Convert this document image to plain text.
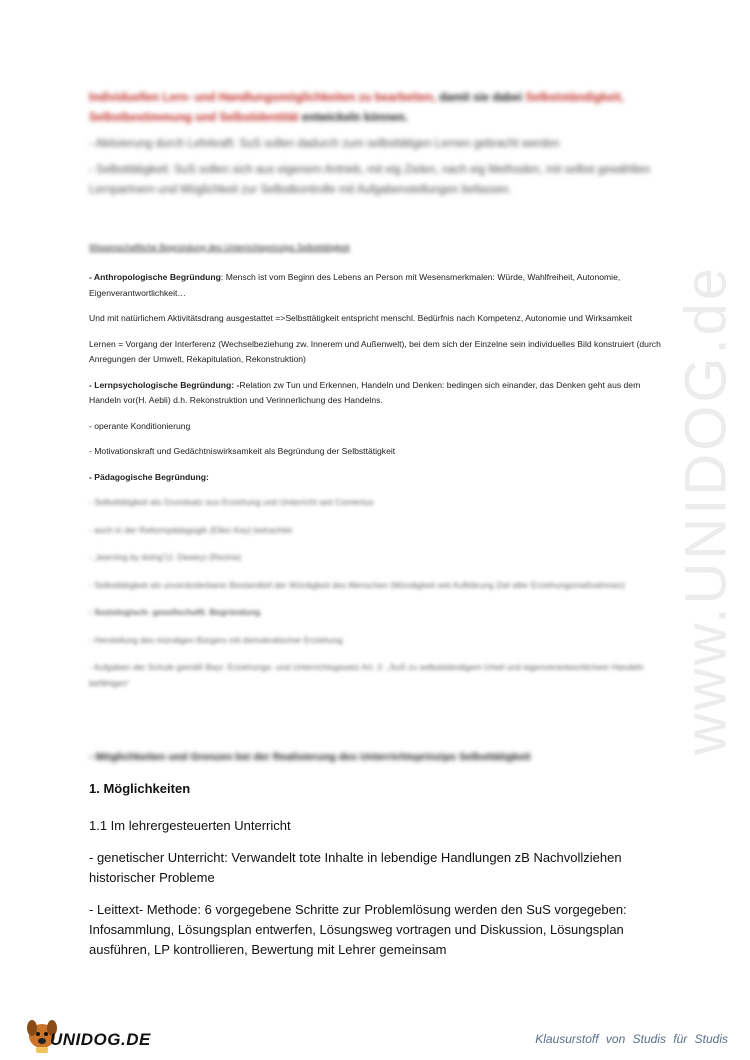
www.UNIDOG.de

Individuellen Lern- und Handlungsmöglichkeiten zu bearbeiten, damit sie dabei Selbstständigkeit, Selbstbestimmung und Selbstidentität entwickeln können.

- Aktivierung durch Lehrkraft: SuS sollen dadurch zum selbsttätigen Lernen gebracht werden

- Selbsttätigkeit: SuS sollen sich aus eigenem Antrieb, mit eig Zielen, nach eig Methoden, mit selbst gewählten Lernpartnern und Möglichkeit zur Selbstkontrolle mit Aufgabenstellungen befassen.

Wissenschaftliche Begründung des Unterrichtsprinzips Selbsttätigkeit

- Anthropologische Begründung: Mensch ist vom Beginn des Lebens an Person mit Wesensmerkmalen: Würde, Wahlfreiheit, Autonomie, Eigenverantwortlichkeit…

Und mit natürlichem Aktivitätsdrang ausgestattet =>Selbsttätigkeit entspricht menschl. Bedürfnis nach Kompetenz, Autonomie und Wirksamkeit

Lernen = Vorgang der Interferenz (Wechselbeziehung zw. Innerem und Außenwelt), bei dem sich der Einzelne sein individuelles Bild konstruiert (durch Anregungen der Umwelt, Rekapitulation, Rekonstruktion)

- Lernpsychologische Begründung: -Relation zw Tun und Erkennen, Handeln und Denken: bedingen sich einander, das Denken geht aus dem Handeln vor(H. Aebli) d.h. Rekonstruktion und Verinnerlichung des Handelns.

- operante Konditionierung

- Motivationskraft und Gedächtniswirksamkeit als Begründung der Selbsttätigkeit

- Pädagogische Begründung:

- Selbsttätigkeit als Grundsatz aus Erziehung und Unterricht seit Comenius

- auch in der Reformpädagogik (Ellen Key) betrachtet

- „learning by doing“(J. Dewey) (Rezine)

- Selbsttätigkeit als unveränderbarer Bestandteil der Würdigkeit des Menschen (Mündigkeit seit Aufklärung Ziel aller Erziehungsmaßnahmen)

- Soziologisch- gesellschaftl. Begründung

- Herstellung des mündigen Bürgers mit demokratischer Erziehung

- Aufgaben der Schule gemäß Bayr. Erziehungs- und Unterrichtsgesetz Art. 2: „SuS zu selbstständigem Urteil und eigenverantwortlichem Handeln befähigen“

- Möglichkeiten und Grenzen bei der Realisierung des Unterrichtsprinzips Selbsttätigkeit
1. Möglichkeiten

1.1 Im lehrergesteuerten Unterricht

- genetischer Unterricht: Verwandelt tote Inhalte in lebendige Handlungen zB Nachvollziehen historischer Probleme

- Leittext- Methode: 6 vorgegebene Schritte zur Problemlösung werden den SuS vorgegeben: Infosammlung, Lösungsplan entwerfen, Lösungsweg vortragen und Diskussion, Lösungsplan ausführen, LP kontrollieren, Bewertung mit Lehrer gemeinsam

UNIDOG.DE	Klausurstoff von Studis für Studis
